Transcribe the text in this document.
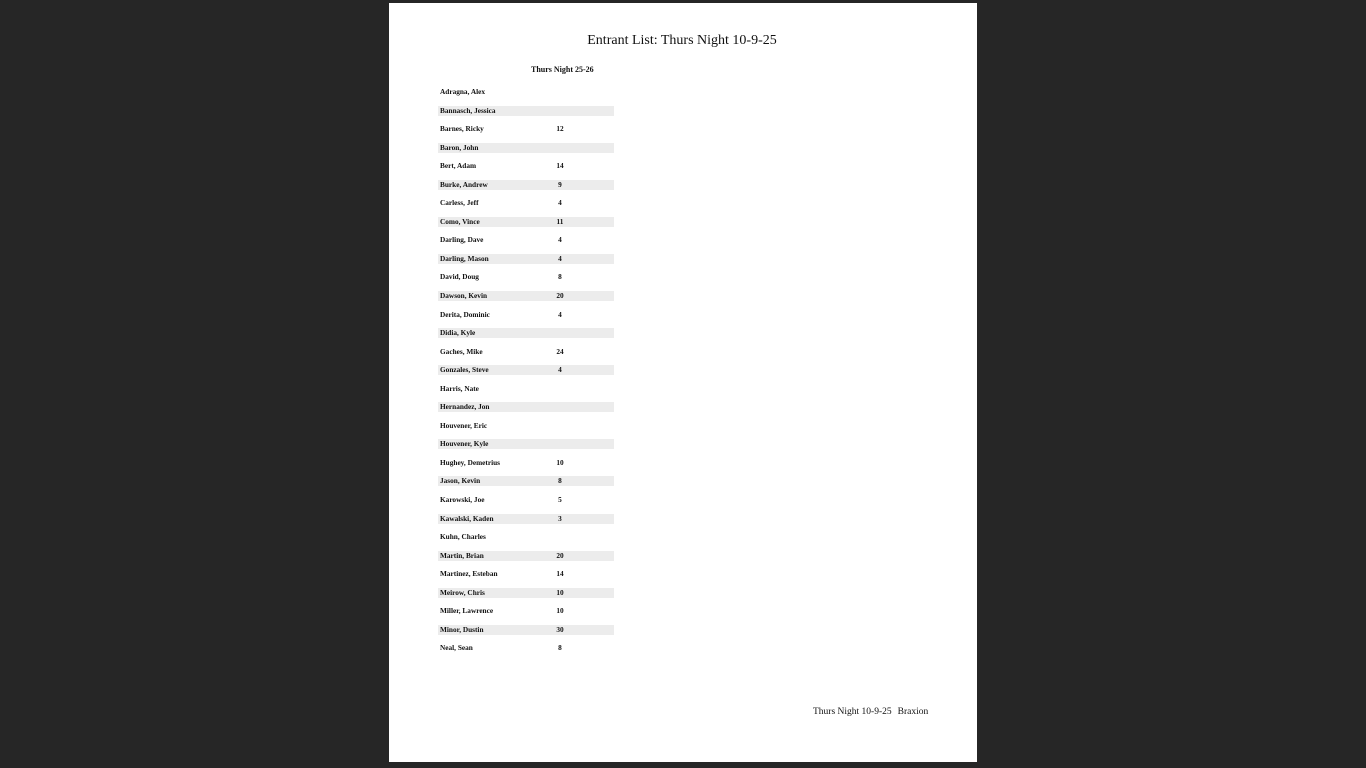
Entrant List: Thurs Night 10-9-25
Thurs Night 25-26
Adragna, Alex
Bannasch, Jessica
Barnes, Ricky	12
Baron, John
Bert, Adam	14
Burke, Andrew	9
Carless, Jeff	4
Como, Vince	11
Darling, Dave	4
Darling, Mason	4
David, Doug	8
Dawson, Kevin	20
Derita, Dominic	4
Didia, Kyle
Gaches, Mike	24
Gonzales, Steve	4
Harris, Nate
Hernandez, Jon
Houvener, Eric
Houvener, Kyle
Hughey, Demetrius	10
Jason, Kevin	8
Karowski, Joe	5
Kawalski, Kaden	3
Kuhn, Charles
Martin, Brian	20
Martinez, Esteban	14
Meirow, Chris	10
Miller, Lawrence	10
Minor, Dustin	30
Neal, Sean	8
Thurs Night 10-9-25 Braxion
